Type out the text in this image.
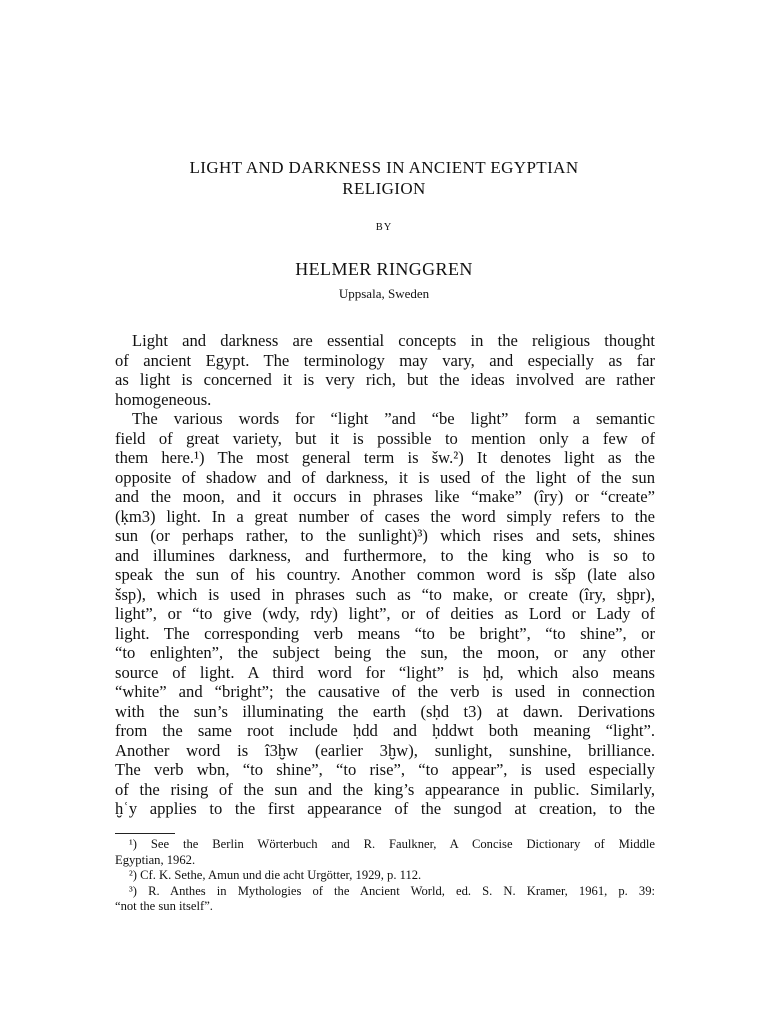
LIGHT AND DARKNESS IN ANCIENT EGYPTIAN
RELIGION
BY
HELMER RINGGREN
Uppsala, Sweden
Light and darkness are essential concepts in the religious thought
of ancient Egypt. The terminology may vary, and especially as far
as light is concerned it is very rich, but the ideas involved are rather
homogeneous.
The various words for “light ”and “be light” form a semantic
field of great variety, but it is possible to mention only a few of
them here.¹) The most general term is šw.²) It denotes light as the
opposite of shadow and of darkness, it is used of the light of the sun
and the moon, and it occurs in phrases like “make” (îry) or “create”
(ḳm3) light. In a great number of cases the word simply refers to the
sun (or perhaps rather, to the sunlight)³) which rises and sets, shines
and illumines darkness, and furthermore, to the king who is so to
speak the sun of his country. Another common word is sšp (late also
šsp), which is used in phrases such as “to make, or create (îry, sḫpr),
light”, or “to give (wdy, rdy) light”, or of deities as Lord or Lady of
light. The corresponding verb means “to be bright”, “to shine”, or
“to enlighten”, the subject being the sun, the moon, or any other
source of light. A third word for “light” is ḥd, which also means
“white” and “bright”; the causative of the verb is used in connection
with the sun’s illuminating the earth (sḥd t3) at dawn. Derivations
from the same root include ḥdd and ḥddwt both meaning “light”.
Another word is î3ḫw (earlier 3ḫw), sunlight, sunshine, brilliance.
The verb wbn, “to shine”, “to rise”, “to appear”, is used especially
of the rising of the sun and the king’s appearance in public. Similarly,
ḫʿy applies to the first appearance of the sungod at creation, to the
¹) See the Berlin Wörterbuch and R. Faulkner, A Concise Dictionary of Middle
Egyptian, 1962.
²) Cf. K. Sethe, Amun und die acht Urgötter, 1929, p. 112.
³) R. Anthes in Mythologies of the Ancient World, ed. S. N. Kramer, 1961, p. 39:
“not the sun itself”.
